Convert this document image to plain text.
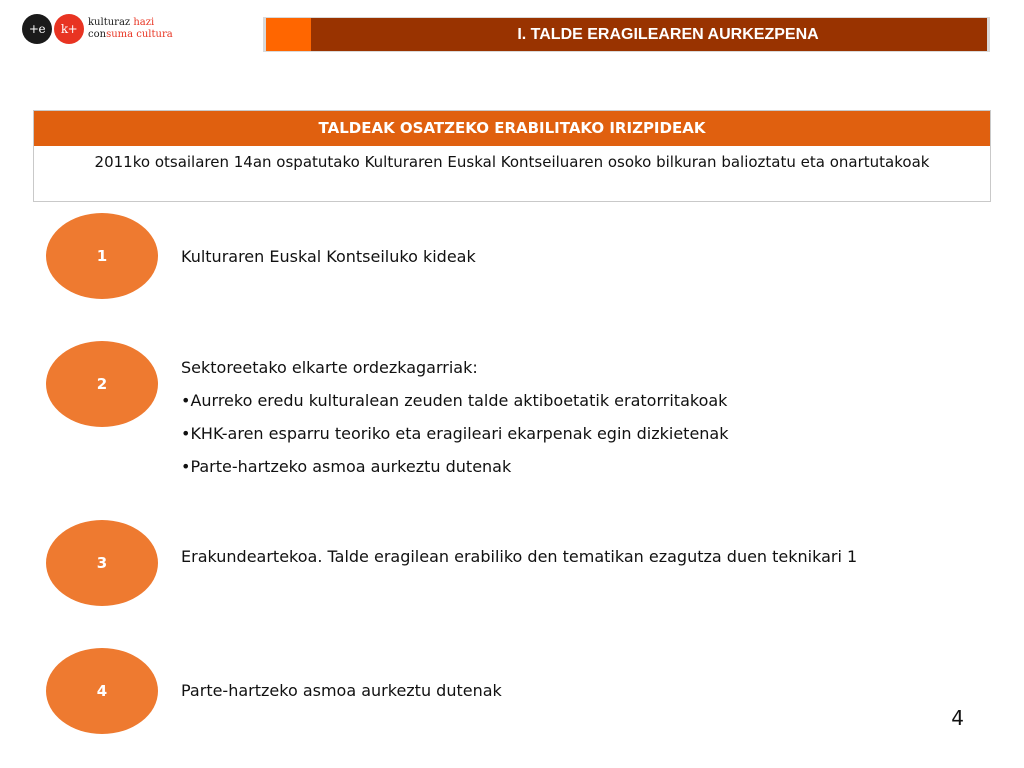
+e	k+	kulturaz hazi
consuma cultura	I. TALDE ERAGILEAREN AURKEZPENA
TALDEAK OSATZEKO ERABILITAKO IRIZPIDEAK
2011ko otsailaren 14an ospatutako Kulturaren Euskal Kontseiluaren osoko bilkuran balioztatu eta onartutakoak
1	Kulturaren Euskal Kontseiluko kideak
2
Sektoreetako elkarte ordezkagarriak:
•Aurreko eredu kulturalean zeuden talde aktiboetatik eratorritakoak
•KHK-aren esparru teoriko eta eragileari ekarpenak egin dizkietenak
•Parte-hartzeko asmoa aurkeztu dutenak
3	Erakundeartekoa. Talde eragilean erabiliko den tematikan ezagutza duen teknikari 1
4	Parte-hartzeko asmoa aurkeztu dutenak
4
